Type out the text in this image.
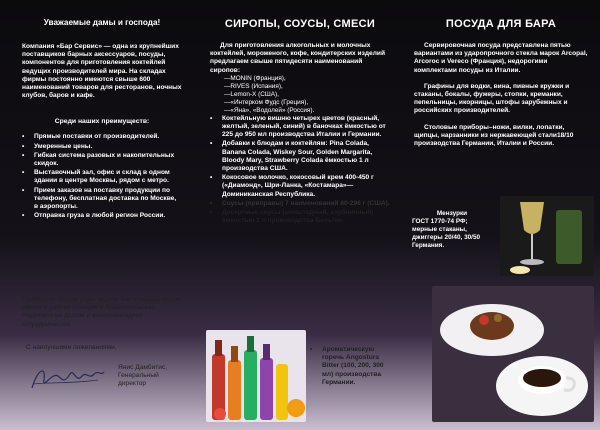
Уважаемые дамы и господа!

Компания «Бар Сервис» — одна из крупнейших поставщиков барных аксессуаров, посуды, компонентов для приготовления коктейлей ведущих производителей мира. На складах фирмы постоянно имеются свыше 600 наименований товаров для ресторанов, ночных клубов, баров и кафе.

Среди наших преимуществ:
• Прямые поставки от производителей.
• Умеренные цены.
• Гибкая система разовых и накопительных скидок.
• Выставочный зал, офис и склад в одном здании в центре Москвы, рядом с метро.
• Прием заказов на поставку продукции по телефону, бесплатная доставка по Москве, в аэропорты.
• Отправка груза в любой регион России.

Приходите! Будем рады видеть Вас в нашем новом офисе в районе станции м.Красносельская. Надеемся на долгое и взаимовыгодное сотрудничество.

С наилучшими пожеланиями,

Янис Дамбитис, Генеральный директор

СИРОПЫ, СОУСЫ, СМЕСИ

Для приготовления алкогольных и молочных коктейлей, мороженого, кофе, кондитерских изделий предлагаем свыше пятидесяти наименований сиропов:

—MONIN (Франция),
—RIVES (Испания),
—Lemon-X (США),
—«Интерком Фудс (Греция),
—«Яна», «Водолей» (Россия).
• Коктейльную вишню четырех цветов (красный, желтый, зеленый, синий) в баночках ёмкостью от 225 до 950 мл производства Италии и Германии.
• Добавки к блюдам и коктейлям: Pina Colada, Banana Colada, Wiskey Sour, Golden Margarita, Bloody Mary, Strawberry Colada ёмкостью 1 л производства США.
• Кокосовое молочко, кокосовый крем 400-450 г («Диамонд», Шри-Ланка, «Костамара»—Доминиканская Республика.
• Соусы (приправы) 7 наименований 60-296 г (США).
• Десертные соусы (шоколадный, клубничный) ёмкостью 1 л производства Бельгии.
• Ароматическую горечь Angostura Bitter (100, 200, 300 мл) производства Германии.
ПОСУДА ДЛЯ БАРА

Сервировочная посуда представлена пятью вариантами из ударопрочного стекла марок Arcopal, Arcoroc и Vereco (Франция), недорогими комплектами посуды из Италии.

Графины для водки, вина, пивные кружки и стаканы, бокалы, фужеры, стопки, креманки, пепельницы, икорницы, штофы зарубежных и российских производителей.

Столовые приборы–ножи, вилки, лопатки, щипцы, нарзанники из нержавеющей стали18/10 производства Германии, Италии и России.

Мензурки
ГОСТ 1770-74 РФ; мерные стаканы, джиггеры 20/40, 30/50 Германия.
